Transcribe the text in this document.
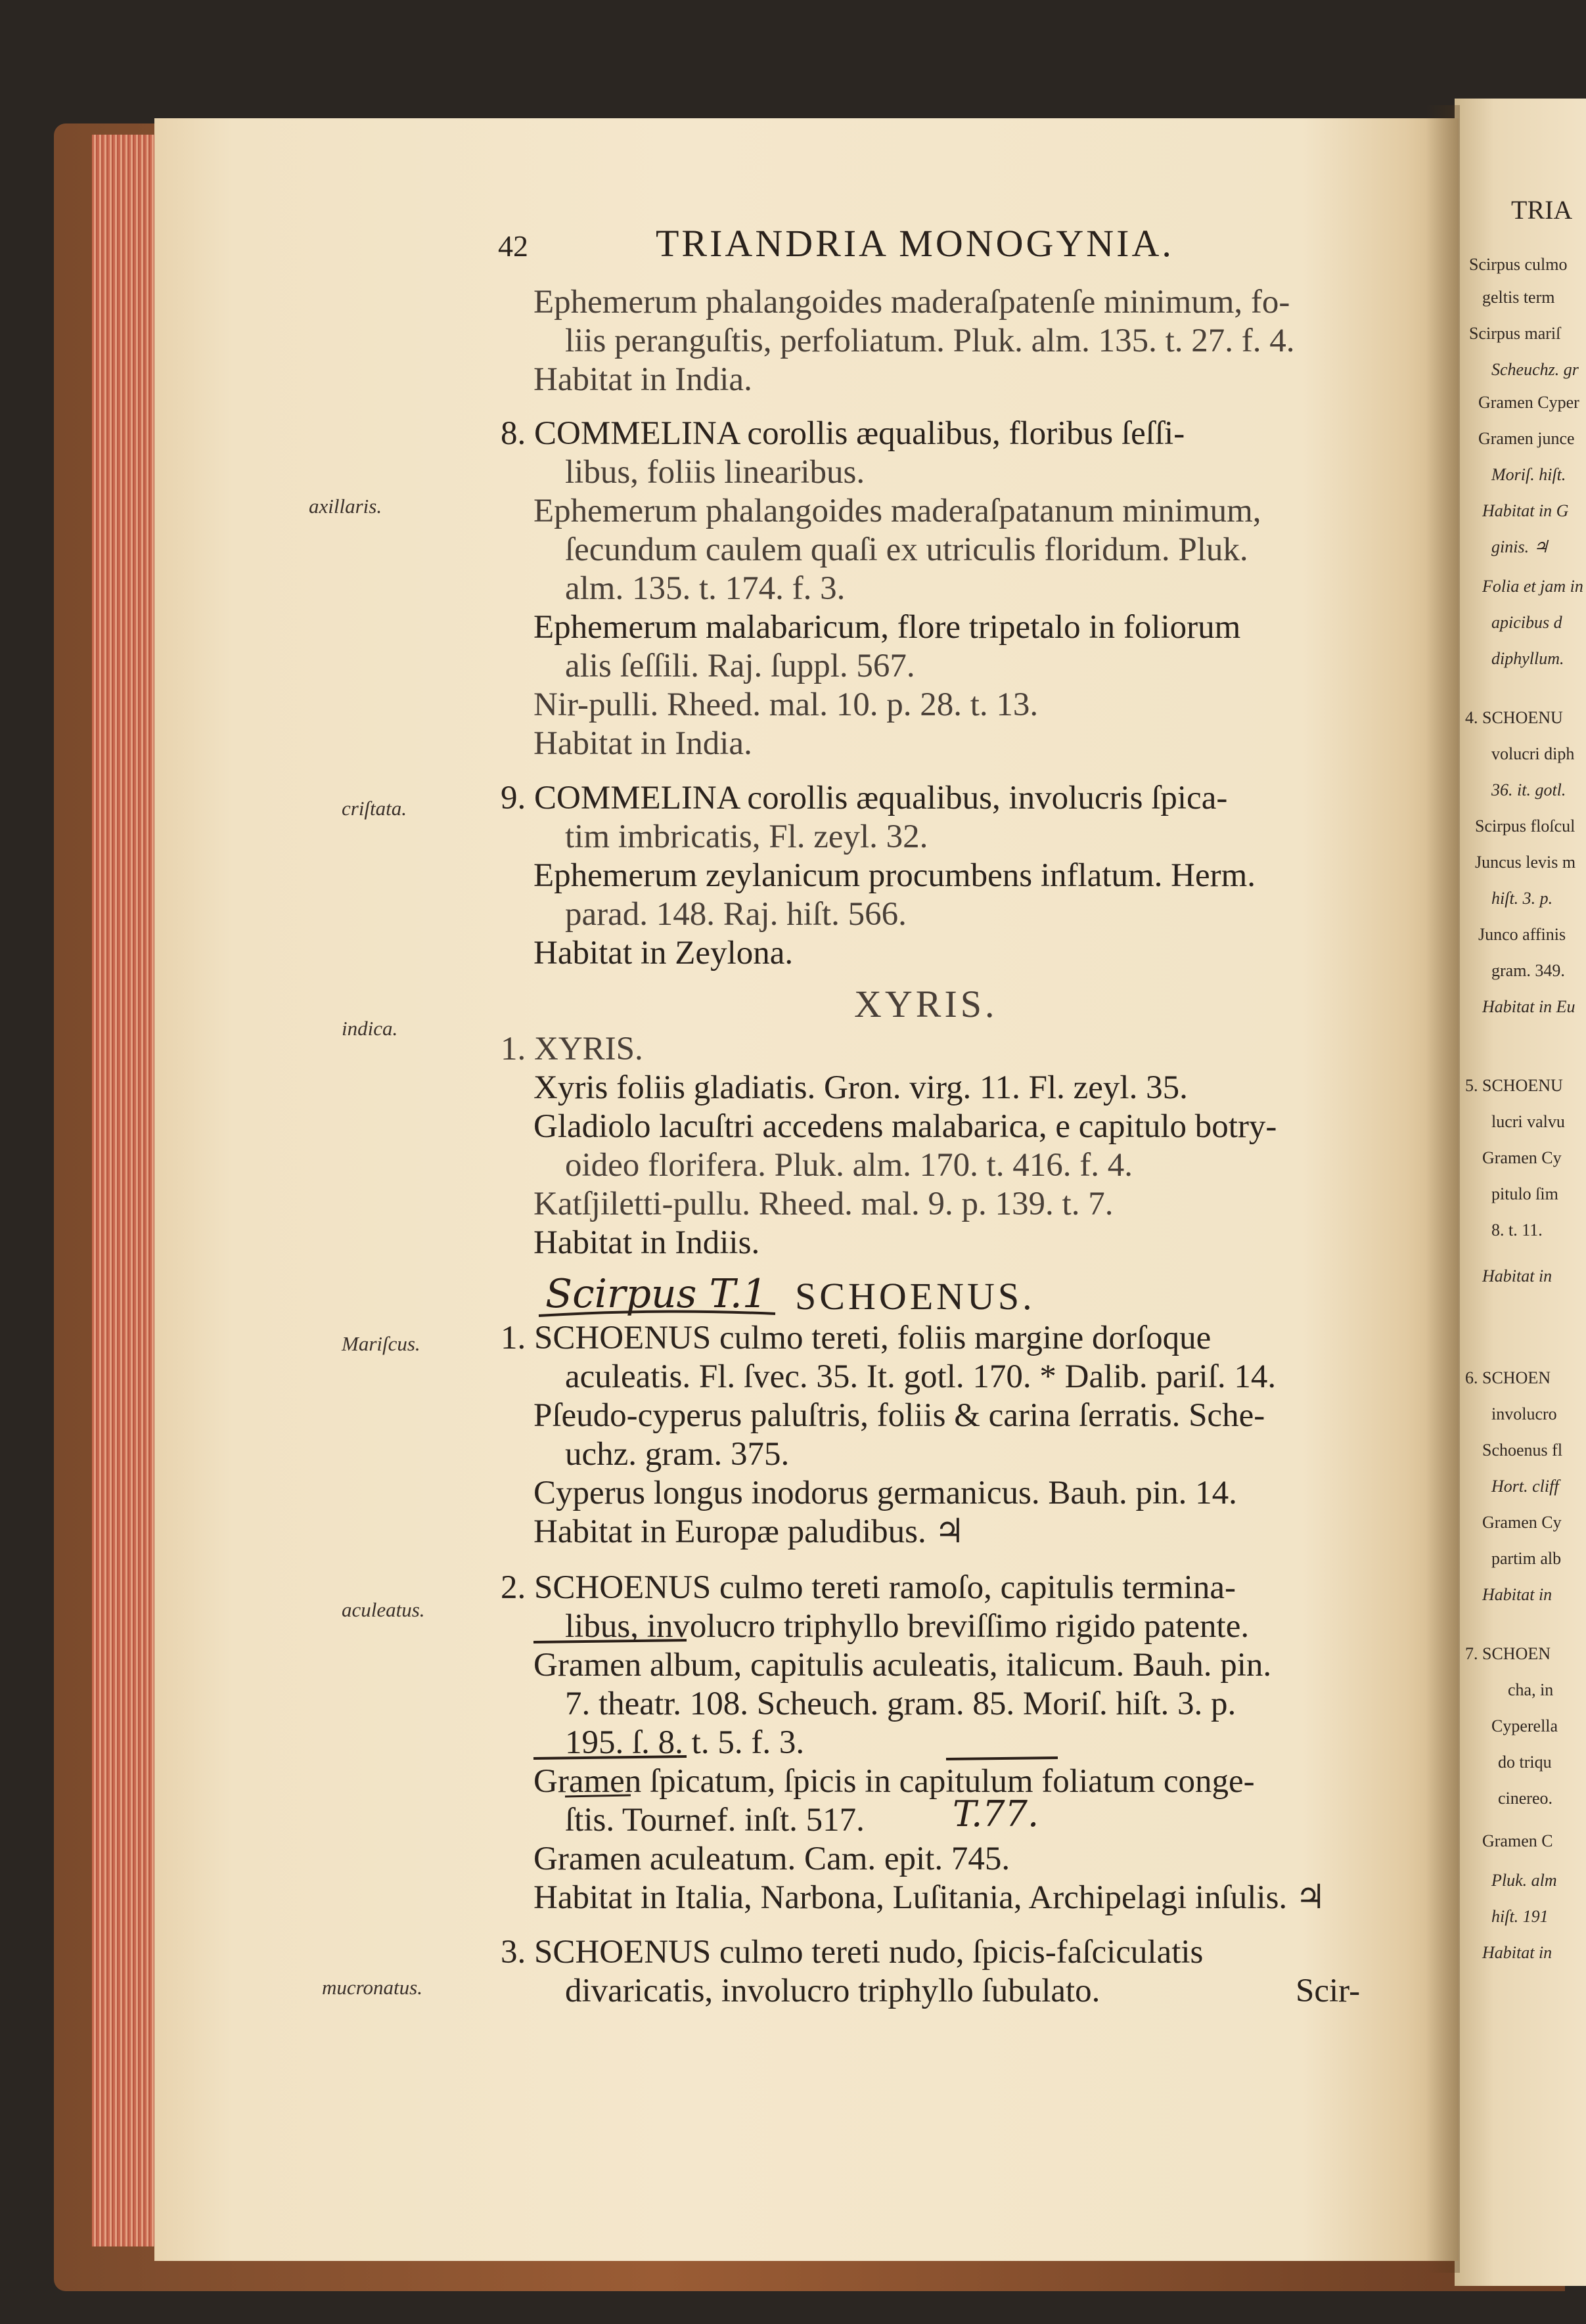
42	TRIANDRIA MONOGYNIA.
axillaris.
criſtata.
indica.
Mariſcus.
aculeatus.
mucronatus.
Ephemerum phalangoides maderaſpatenſe minimum, fo-
liis peranguſtis, perfoliatum. Pluk. alm. 135. t. 27. f. 4.
Habitat in India.
8. COMMELINA corollis æqualibus, floribus ſeſſi-
libus, foliis linearibus.
Ephemerum phalangoides maderaſpatanum minimum,
ſecundum caulem quaſi ex utriculis floridum. Pluk.
alm. 135. t. 174. f. 3.
Ephemerum malabaricum, flore tripetalo in foliorum
alis ſeſſili. Raj. ſuppl. 567.
Nir-pulli. Rheed. mal. 10. p. 28. t. 13.
Habitat in India.
9. COMMELINA corollis æqualibus, involucris ſpica-
tim imbricatis, Fl. zeyl. 32.
Ephemerum zeylanicum procumbens inflatum. Herm.
parad. 148. Raj. hiſt. 566.
Habitat in Zeylona.
XYRIS.
1. XYRIS.
Xyris foliis gladiatis. Gron. virg. 11. Fl. zeyl. 35.
Gladiolo lacuſtri accedens malabarica, e capitulo botry-
oideo florifera. Pluk. alm. 170. t. 416. f. 4.
Katſjiletti-pullu. Rheed. mal. 9. p. 139. t. 7.
Habitat in Indiis.
Scirpus T.1 SCHOENUS.
1. SCHOENUS culmo tereti, foliis margine dorſoque
aculeatis. Fl. ſvec. 35. It. gotl. 170. * Dalib. pariſ. 14.
Pſeudo-cyperus paluſtris, foliis & carina ſerratis. Sche-
uchz. gram. 375.
Cyperus longus inodorus germanicus. Bauh. pin. 14.
Habitat in Europæ paludibus. ♃
2. SCHOENUS culmo tereti ramoſo, capitulis termina-
libus, involucro triphyllo breviſſimo rigido patente.
Gramen album, capitulis aculeatis, italicum. Bauh. pin.
7. theatr. 108. Scheuch. gram. 85. Moriſ. hiſt. 3. p.
195. ſ. 8. t. 5. f. 3.
Gramen ſpicatum, ſpicis in capitulum foliatum conge-
ſtis. Tournef. inſt. 517. T.77.
Gramen aculeatum. Cam. epit. 745.
Habitat in Italia, Narbona, Luſitania, Archipelagi inſulis. ♃
3. SCHOENUS culmo tereti nudo, ſpicis-faſciculatis
divaricatis, involucro triphyllo ſubulato.	Scir-
TRIA
Scirpus culmo
geltis term
Scirpus mariſ
Scheuchz. gr
Gramen Cyper
Gramen junce
Moriſ. hiſt.
Habitat in G
ginis. ♃
Folia et jam in
apicibus d
diphyllum.
4. SCHOENU
volucri diph
36. it. gotl.
Scirpus floſcul
Juncus levis m
hiſt. 3. p.
Junco affinis
gram. 349.
Habitat in Eu
5. SCHOENU
lucri valvu
Gramen Cy
pitulo ſim
8. t. 11.
Habitat in
6. SCHOEN
involucro
Schoenus fl
Hort. cliff
Gramen Cy
partim alb
Habitat in
7. SCHOEN
cha, in
Cyperella
do triqu
cinereo.
Gramen C
Pluk. alm
hiſt. 191
Habitat in
